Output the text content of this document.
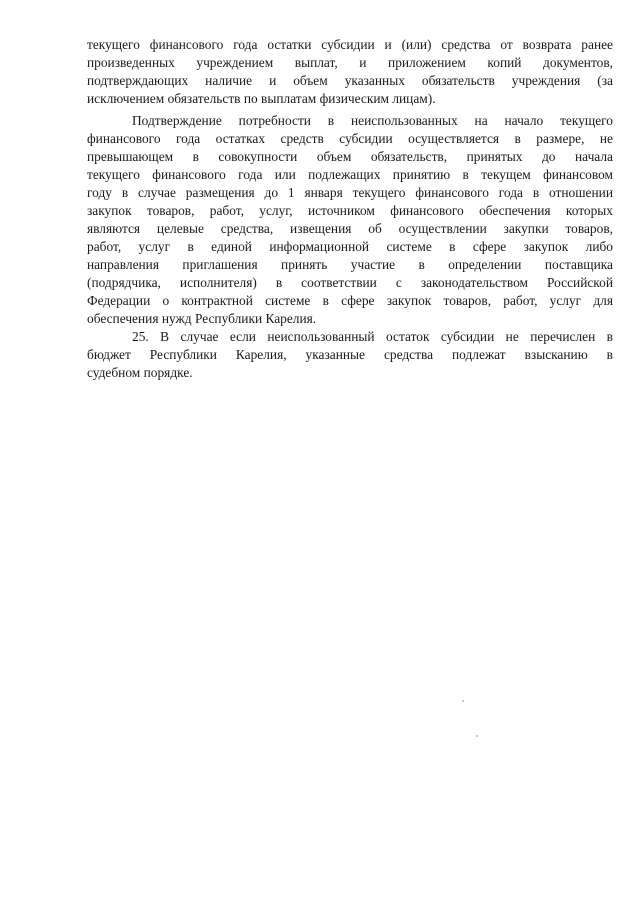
текущего финансового года остатки субсидии и (или) средства от возврата ранее
произведенных учреждением выплат, и приложением копий документов,
подтверждающих наличие и объем указанных обязательств учреждения (за
исключением обязательств по выплатам физическим лицам).
Подтверждение потребности в неиспользованных на начало текущего
финансового года остатках средств субсидии осуществляется в размере, не
превышающем в совокупности объем обязательств, принятых до начала
текущего финансового года или подлежащих принятию в текущем финансовом
году в случае размещения до 1 января текущего финансового года в отношении
закупок товаров, работ, услуг, источником финансового обеспечения которых
являются целевые средства, извещения об осуществлении закупки товаров,
работ, услуг в единой информационной системе в сфере закупок либо
направления приглашения принять участие в определении поставщика
(подрядчика, исполнителя) в соответствии с законодательством Российской
Федерации о контрактной системе в сфере закупок товаров, работ, услуг для
обеспечения нужд Республики Карелия.
25. В случае если неиспользованный остаток субсидии не перечислен в
бюджет Республики Карелия, указанные средства подлежат взысканию в
судебном порядке.
